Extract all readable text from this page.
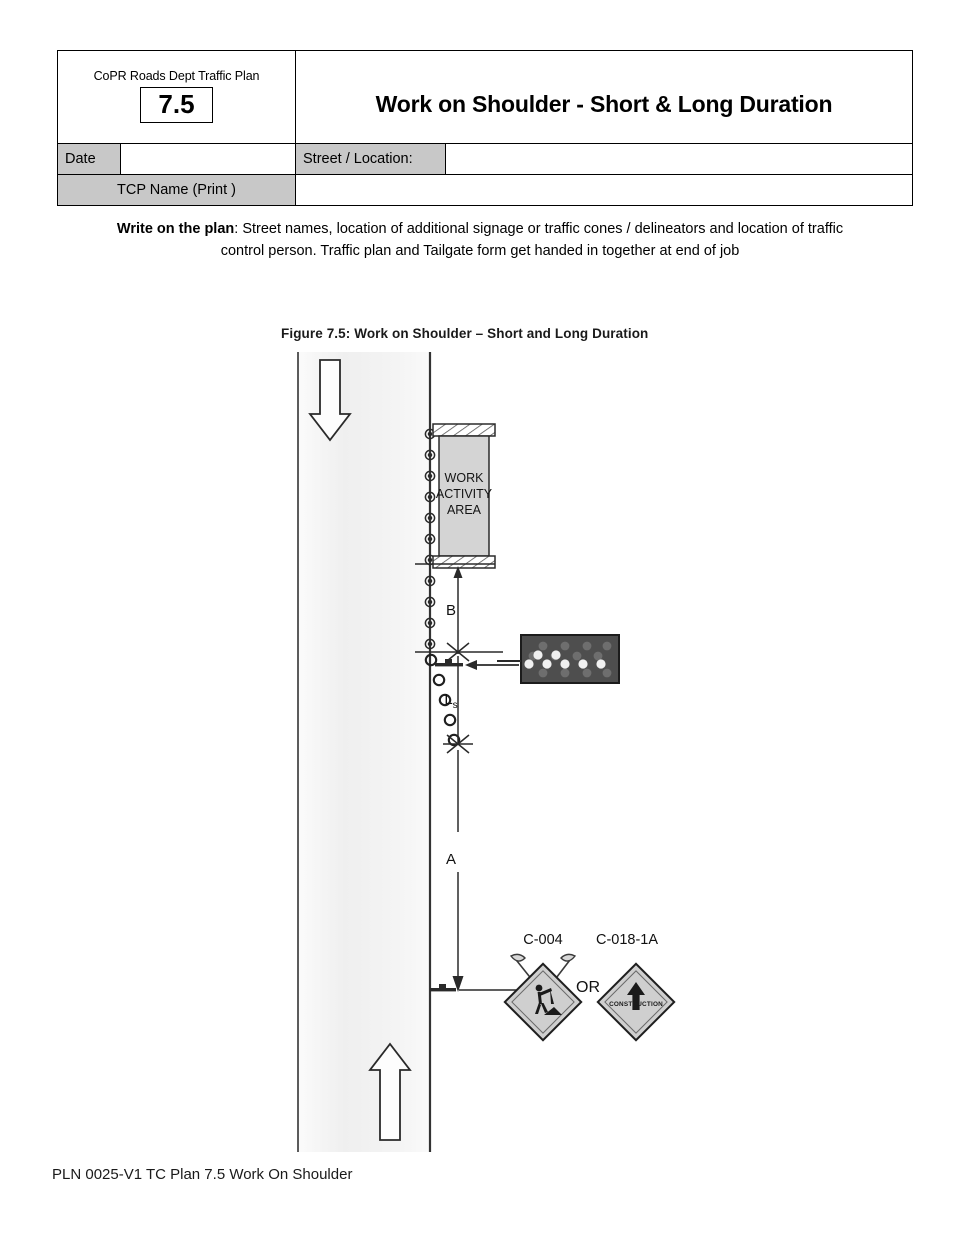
CoPR Roads Dept Traffic Plan
7.5		Work on Shoulder - Short & Long Duration	

Date		Street / Location:	
TCP Name (Print )			
Write on the plan: Street names, location of additional signage or traffic cones / delineators and location of traffic
control person. Traffic plan and Tailgate form get handed in together at end of job
Figure 7.5: Work on Shoulder – Short and Long Duration
WORK
ACTIVITY
AREA
B
$L_s$
A
C-004 C-018-1A
OR
CONSTRUCTION
PLN 0025-V1 TC Plan 7.5 Work On Shoulder
